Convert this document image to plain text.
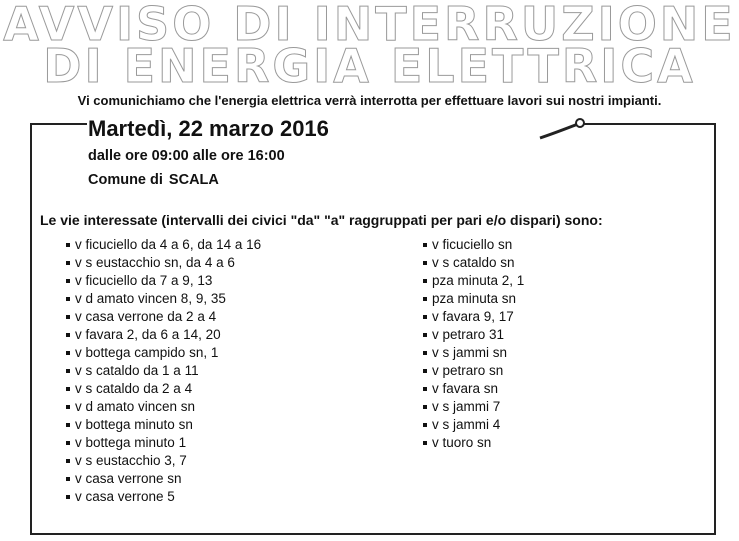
AVVISO DI INTERRUZIONE
DI ENERGIA ELETTRICA

Vi comunichiamo che l'energia elettrica verrà interrotta per effettuare lavori sui nostri impianti.

Martedì, 22 marzo 2016

dalle ore 09:00 alle ore 16:00

Comune di SCALA

Le vie interessate (intervalli dei civici "da" "a" raggruppati per pari e/o dispari) sono:

v ficuciello da 4 a 6, da 14 a 16
v s eustacchio sn, da 4 a 6
v ficuciello da 7 a 9, 13
v d amato vincen 8, 9, 35
v casa verrone da 2 a 4
v favara 2, da 6 a 14, 20
v bottega campido sn, 1
v s cataldo da 1 a 11
v s cataldo da 2 a 4
v d amato vincen sn
v bottega minuto sn
v bottega minuto 1
v s eustacchio 3, 7
v casa verrone sn
v casa verrone 5
v ficuciello sn
v s cataldo sn
pza minuta 2, 1
pza minuta sn
v favara 9, 17
v petraro 31
v s jammi sn
v petraro sn
v favara sn
v s jammi 7
v s jammi 4
v tuoro sn
